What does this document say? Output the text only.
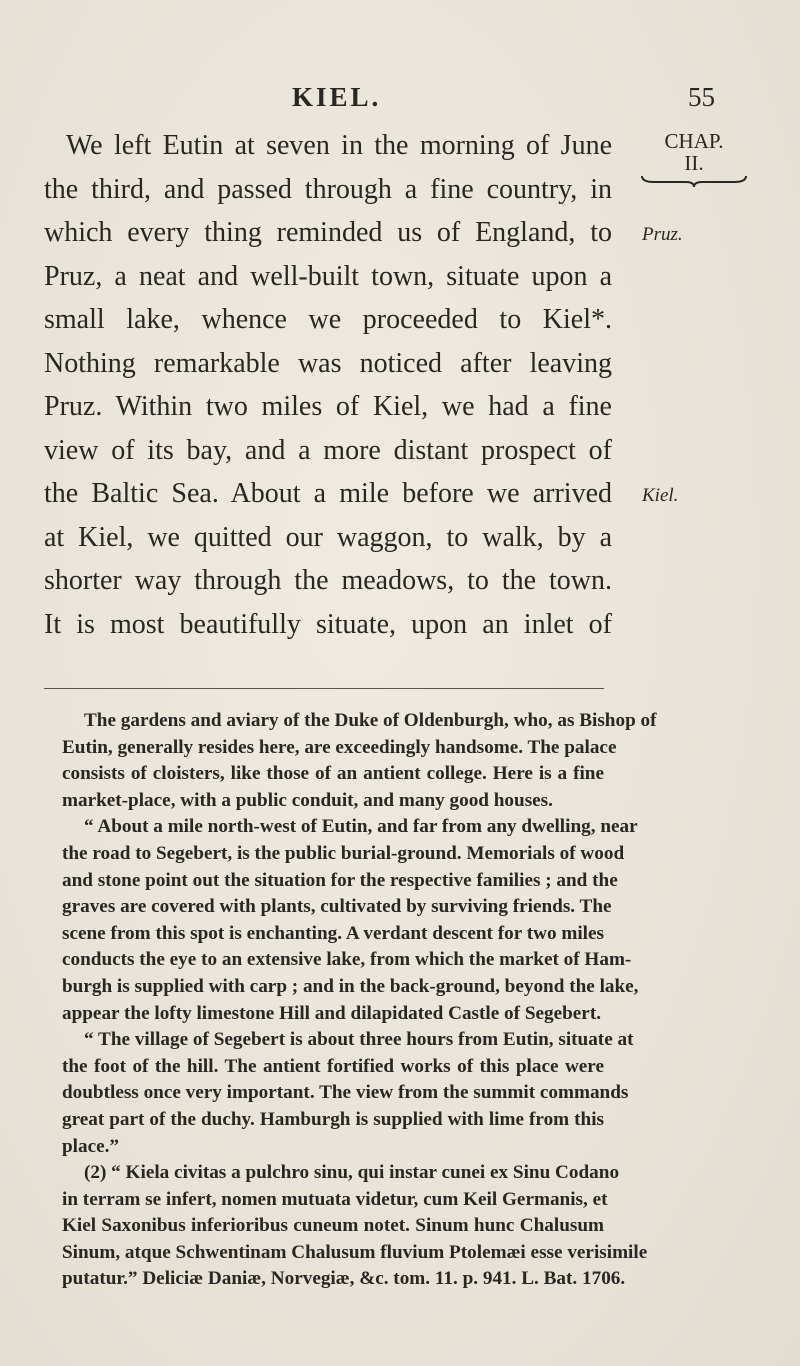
KIEL.	55
CHAP.
II.
Pruz.
Kiel.
We left Eutin at seven in the morning of June
the third, and passed through a fine country, in
which every thing reminded us of England, to
Pruz, a neat and well-built town, situate upon a
small lake, whence we proceeded to Kiel*.
Nothing remarkable was noticed after leaving
Pruz. Within two miles of Kiel, we had a fine
view of its bay, and a more distant prospect of
the Baltic Sea. About a mile before we arrived
at Kiel, we quitted our waggon, to walk, by a
shorter way through the meadows, to the town.
It is most beautifully situate, upon an inlet of
The gardens and aviary of the Duke of Oldenburgh, who, as Bishop of
Eutin, generally resides here, are exceedingly handsome. The palace
consists of cloisters, like those of an antient college. Here is a fine
market-place, with a public conduit, and many good houses.
“ About a mile north-west of Eutin, and far from any dwelling, near
the road to Segebert, is the public burial-ground. Memorials of wood
and stone point out the situation for the respective families ; and the
graves are covered with plants, cultivated by surviving friends. The
scene from this spot is enchanting. A verdant descent for two miles
conducts the eye to an extensive lake, from which the market of Ham-
burgh is supplied with carp ; and in the back-ground, beyond the lake,
appear the lofty limestone Hill and dilapidated Castle of Segebert.
“ The village of Segebert is about three hours from Eutin, situate at
the foot of the hill. The antient fortified works of this place were
doubtless once very important. The view from the summit commands
great part of the duchy. Hamburgh is supplied with lime from this
place.”
(2) “ Kiela civitas a pulchro sinu, qui instar cunei ex Sinu Codano
in terram se infert, nomen mutuata videtur, cum Keil Germanis, et
Kiel Saxonibus inferioribus cuneum notet. Sinum hunc Chalusum
Sinum, atque Schwentinam Chalusum fluvium Ptolemæi esse verisimile
putatur.” Deliciæ Daniæ, Norvegiæ, &c. tom. 11. p. 941. L. Bat. 1706.
